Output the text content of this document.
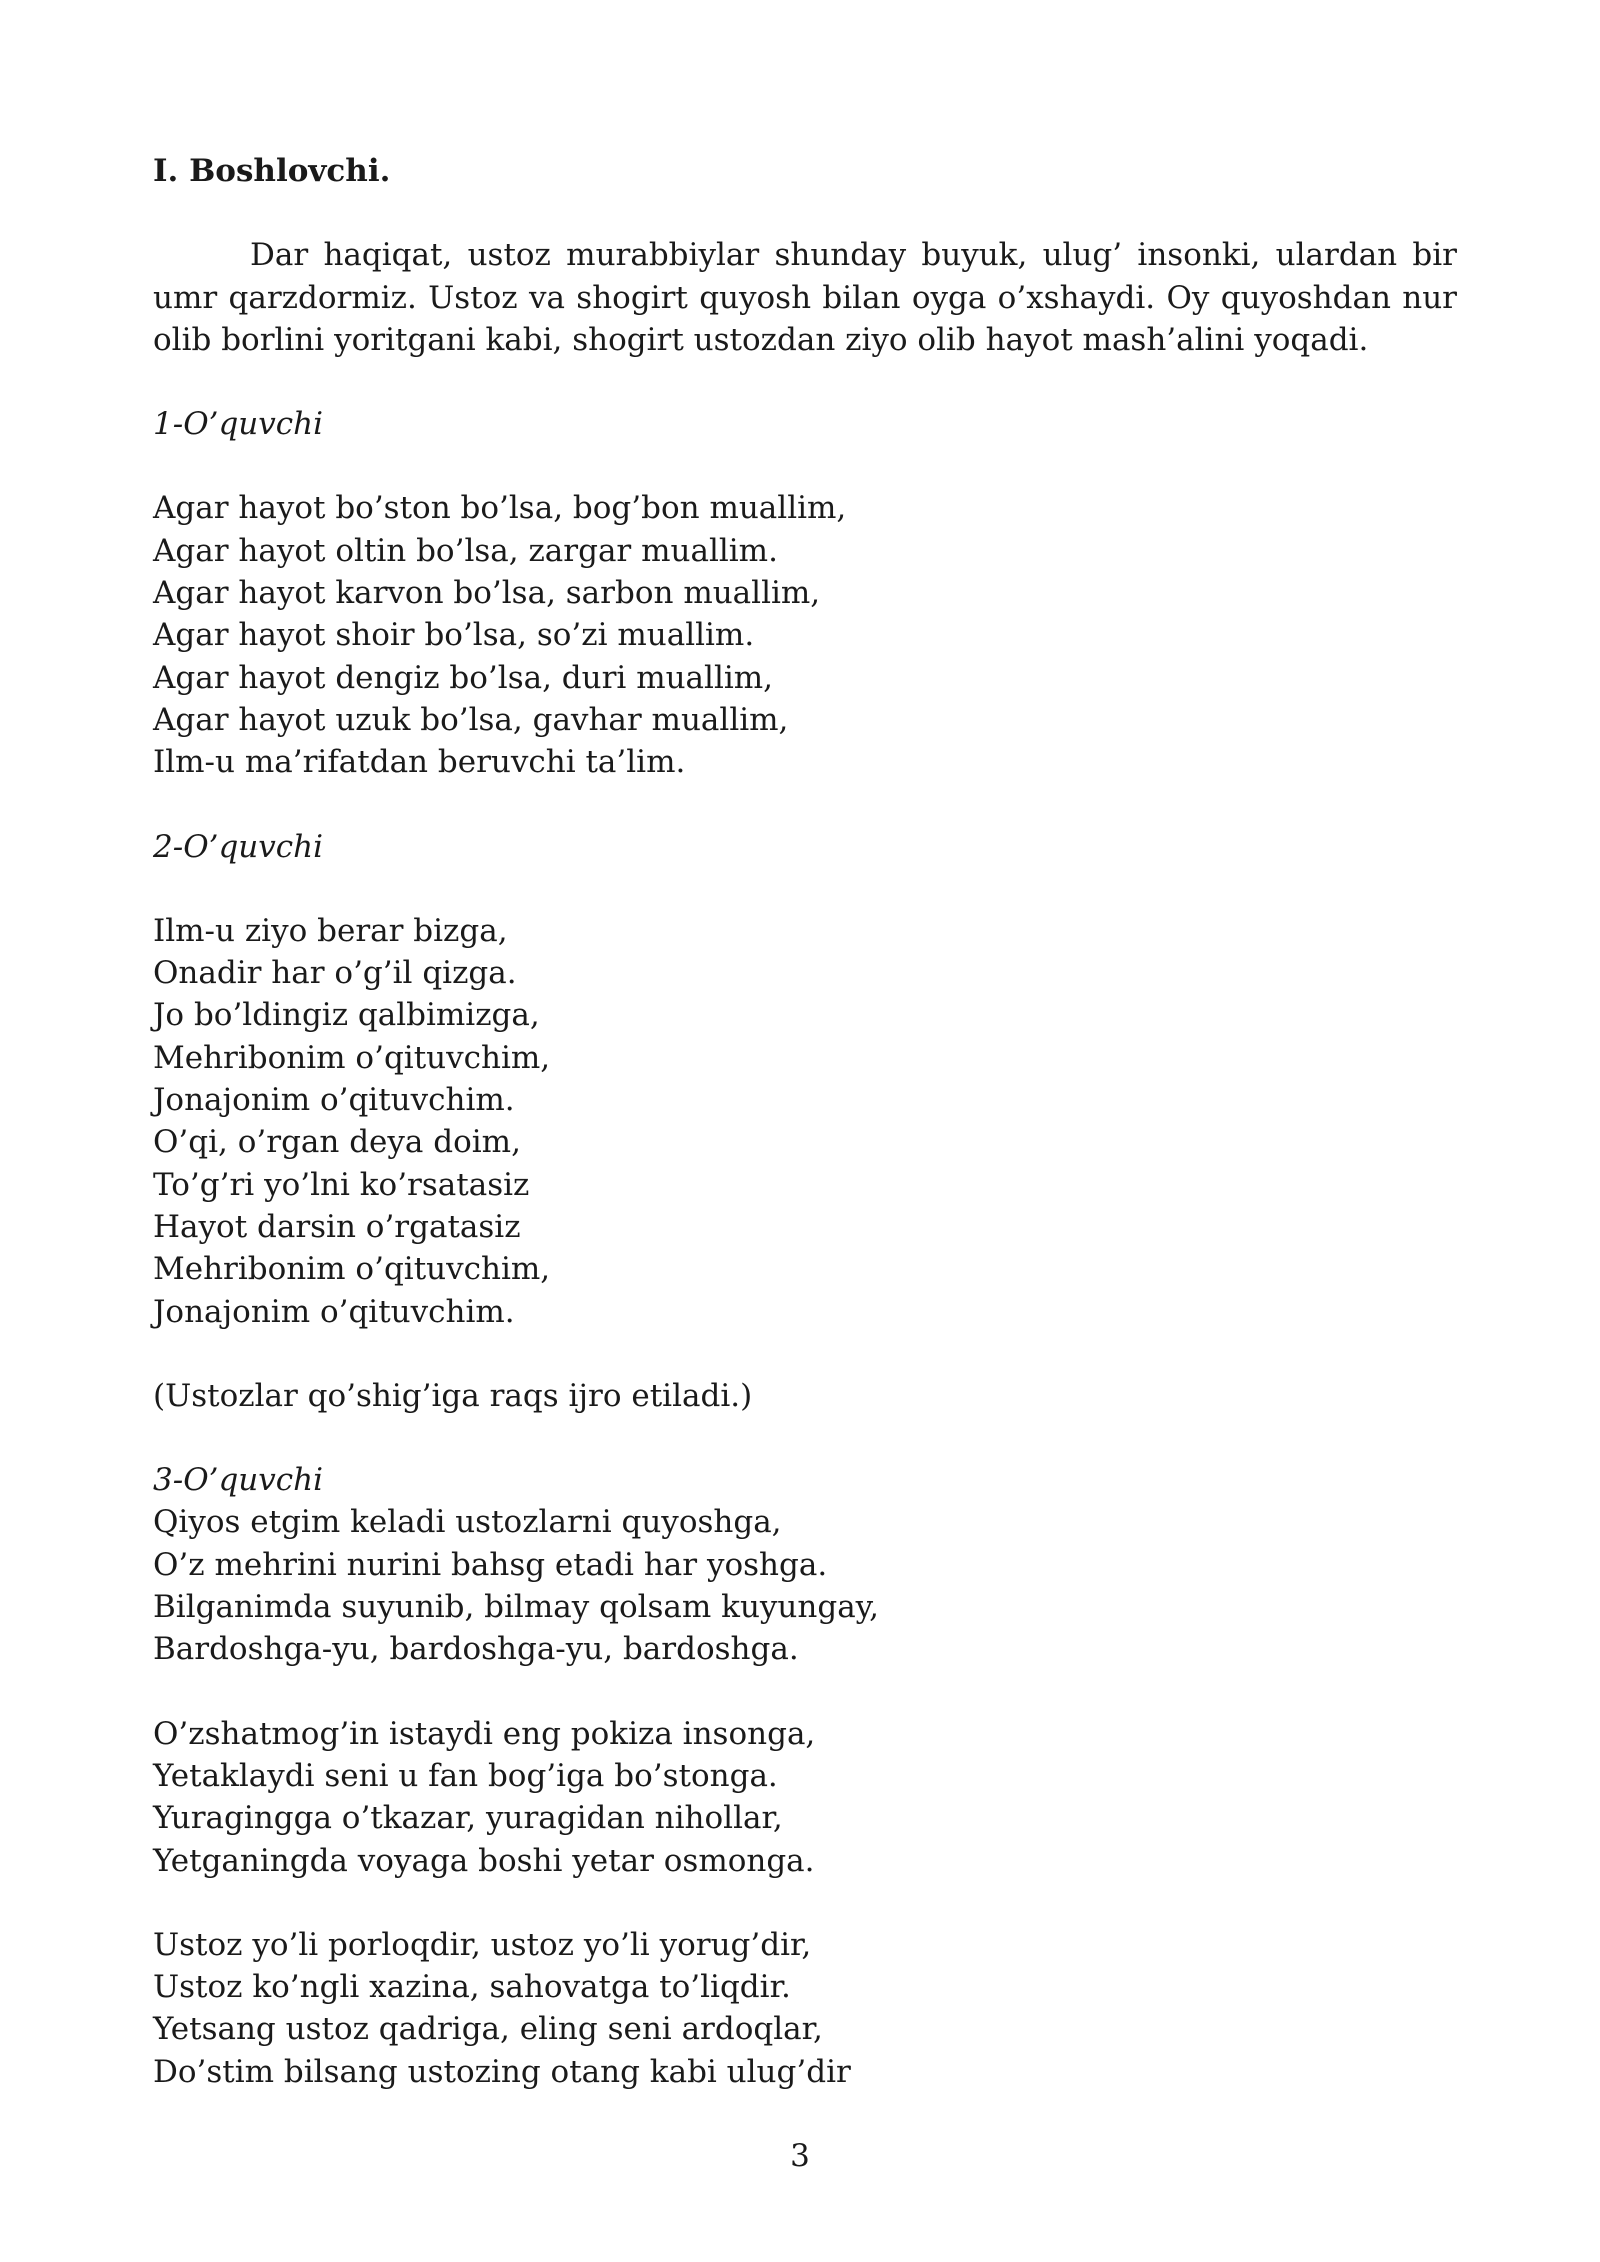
I. Boshlovchi.

Dar haqiqat, ustoz murabbiylar shunday buyuk, ulug’ insonki, ulardan bir umr qarzdormiz. Ustoz va shogirt quyosh bilan oyga o’xshaydi. Oy quyoshdan nur olib borlini yoritgani kabi, shogirt ustozdan ziyo olib hayot mash’alini yoqadi.

1-O’quvchi

Agar hayot bo’ston bo’lsa, bog’bon muallim,
Agar hayot oltin bo’lsa, zargar muallim.
Agar hayot karvon bo’lsa, sarbon muallim,
Agar hayot shoir bo’lsa, so’zi muallim.
Agar hayot dengiz bo’lsa, duri muallim,
Agar hayot uzuk bo’lsa, gavhar muallim,
Ilm-u ma’rifatdan beruvchi ta’lim.

2-O’quvchi

Ilm-u ziyo berar bizga,
Onadir har o’g’il qizga.
Jo bo’ldingiz qalbimizga,
Mehribonim o’qituvchim,
Jonajonim o’qituvchim.
O’qi, o’rgan deya doim,
To’g’ri yo’lni ko’rsatasiz
Hayot darsin o’rgatasiz
Mehribonim o’qituvchim,
Jonajonim o’qituvchim.

(Ustozlar qo’shig’iga raqs ijro etiladi.)

3-O’quvchi

Qiyos etgim keladi ustozlarni quyoshga,
O’z mehrini nurini bahsg etadi har yoshga.
Bilganimda suyunib, bilmay qolsam kuyungay,
Bardoshga-yu, bardoshga-yu, bardoshga.
O’zshatmog’in istaydi eng pokiza insonga,
Yetaklaydi seni u fan bog’iga bo’stonga.
Yuragingga o’tkazar, yuragidan nihollar,
Yetganingda voyaga boshi yetar osmonga.
Ustoz yo’li porloqdir, ustoz yo’li yorug’dir,
Ustoz ko’ngli xazina, sahovatga to’liqdir.
Yetsang ustoz qadriga, eling seni ardoqlar,
Do’stim bilsang ustozing otang kabi ulug’dir
3
